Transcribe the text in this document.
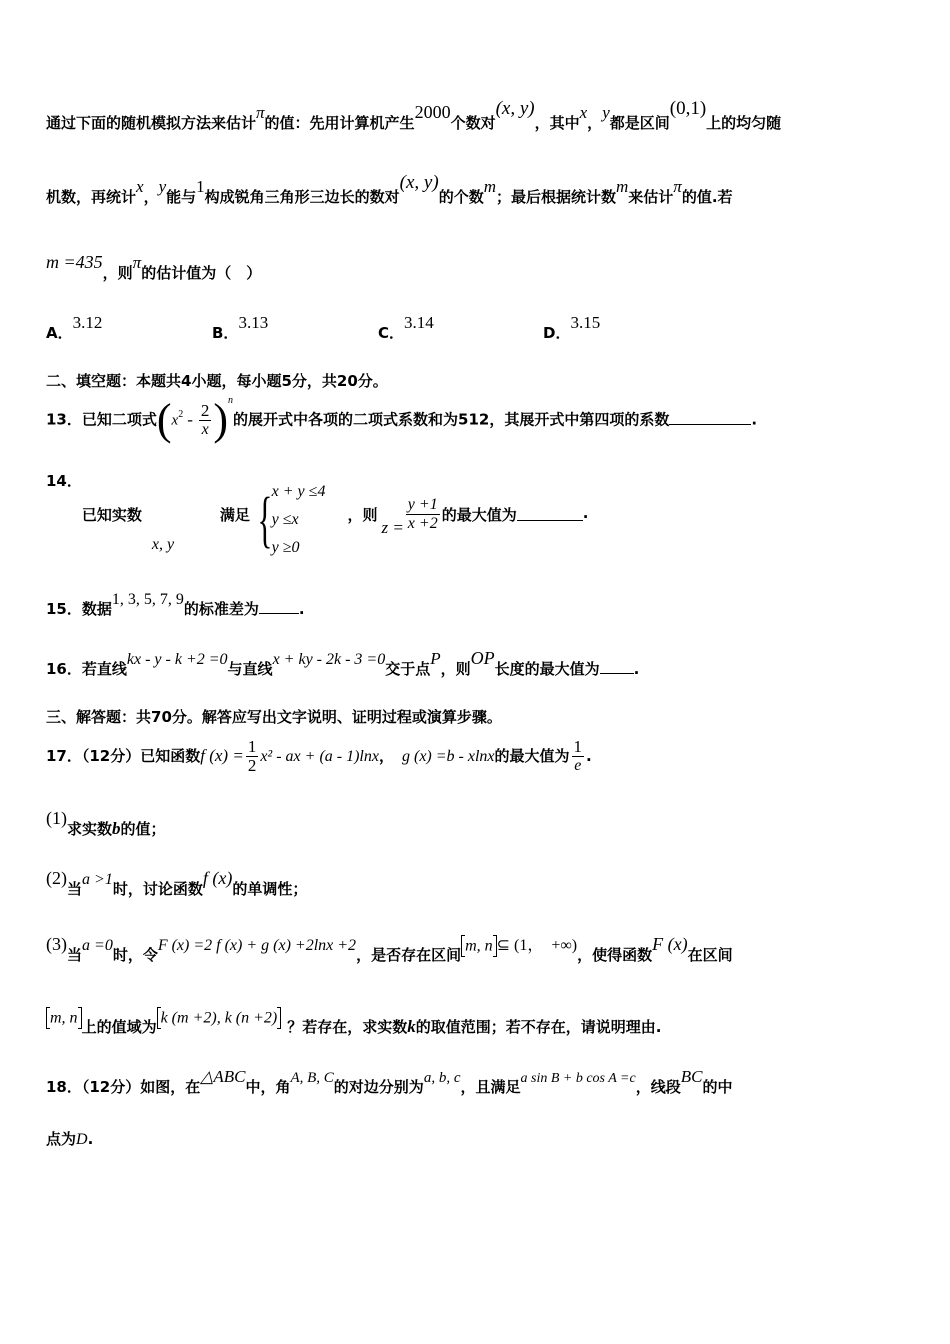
通过下面的随机模拟方法来估计π的值：先用计算机产生2000个数对(x, y)，其中x，y都是区间(0,1)上的均匀随
机数，再统计x，y能与1构成锐角三角形三边长的数对(x, y)的个数m；最后根据统计数m来估计π的值.若
m =435，则π的估计值为（　）
A．3.12
B．3.13
C．3.14
D．3.15
二、填空题：本题共4小题，每小题5分，共20分。
13．已知二项式$(x^2 - \frac{2}{x} )^n$的展开式中各项的二项式系数和为512，其展开式中第四项的系数	.
14．
已知实数
x, y
满足 { x + y ≤4
y ≤x
y ≥0
，则$z = \frac{y +1}{x +2}$ 的最大值为	.
15．数据1, 3, 5, 7, 9的标准差为	.
16．若直线kx - y - k +2 =0与直线x + ky - 2k - 3 =0交于点P，则OP长度的最大值为 .
三、解答题：共70分。解答应写出文字说明、证明过程或演算步骤。
17．（12分）已知函数f $(x) = \frac{1}{2} x^2$ - ax + (a - 1)lnx， g (x) =b - xlnx的最大值为 $\frac{1}{e}$ .
(1)求实数b的值；
(2)当a >1时，讨论函数f (x)的单调性；
(3)当a =0时，令F (x) =2 f (x) + g (x) +2lnx +2，是否存在区间m, n ⊆ (1，　+∞)，使得函数F (x)在区间
m, n上的值域为k (m +2), k (n +2)？若存在，求实数k的取值范围；若不存在，请说明理由.
18．（12分）如图，在△ABC中，角A, B, C的对边分别为a, b, c，且满足a sin B + b cos A =c，线段BC的中
点为D.
